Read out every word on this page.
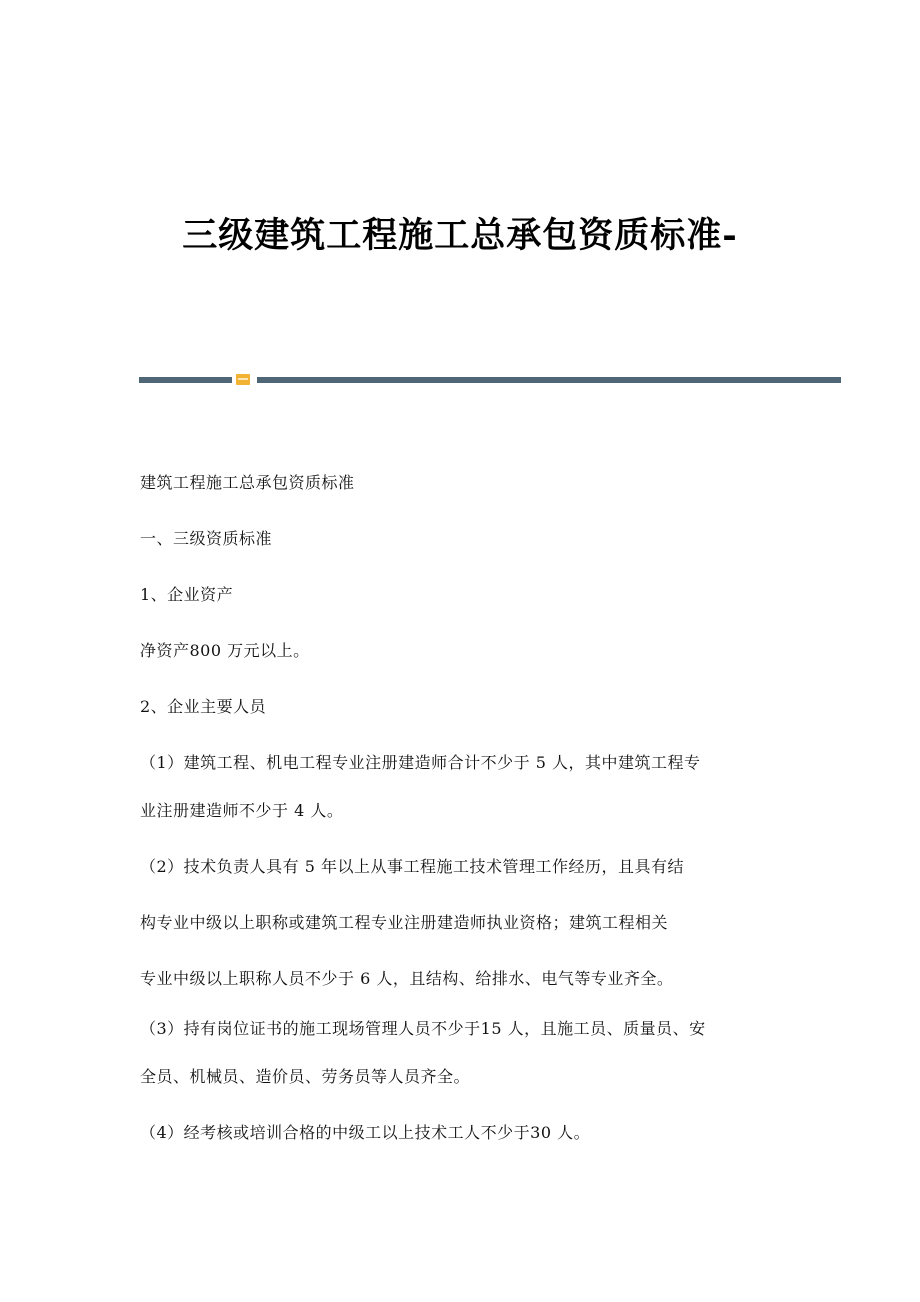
三级建筑工程施工总承包资质标准-
建筑工程施工总承包资质标准
一、三级资质标准
1、企业资产
净资产800 万元以上。
2、企业主要人员
（1）建筑工程、机电工程专业注册建造师合计不少于 5 人，其中建筑工程专
业注册建造师不少于 4 人。
（2）技术负责人具有 5 年以上从事工程施工技术管理工作经历，且具有结
构专业中级以上职称或建筑工程专业注册建造师执业资格；建筑工程相关
专业中级以上职称人员不少于 6 人，且结构、给排水、电气等专业齐全。
（3）持有岗位证书的施工现场管理人员不少于15 人，且施工员、质量员、安
全员、机械员、造价员、劳务员等人员齐全。
（4）经考核或培训合格的中级工以上技术工人不少于30 人。
